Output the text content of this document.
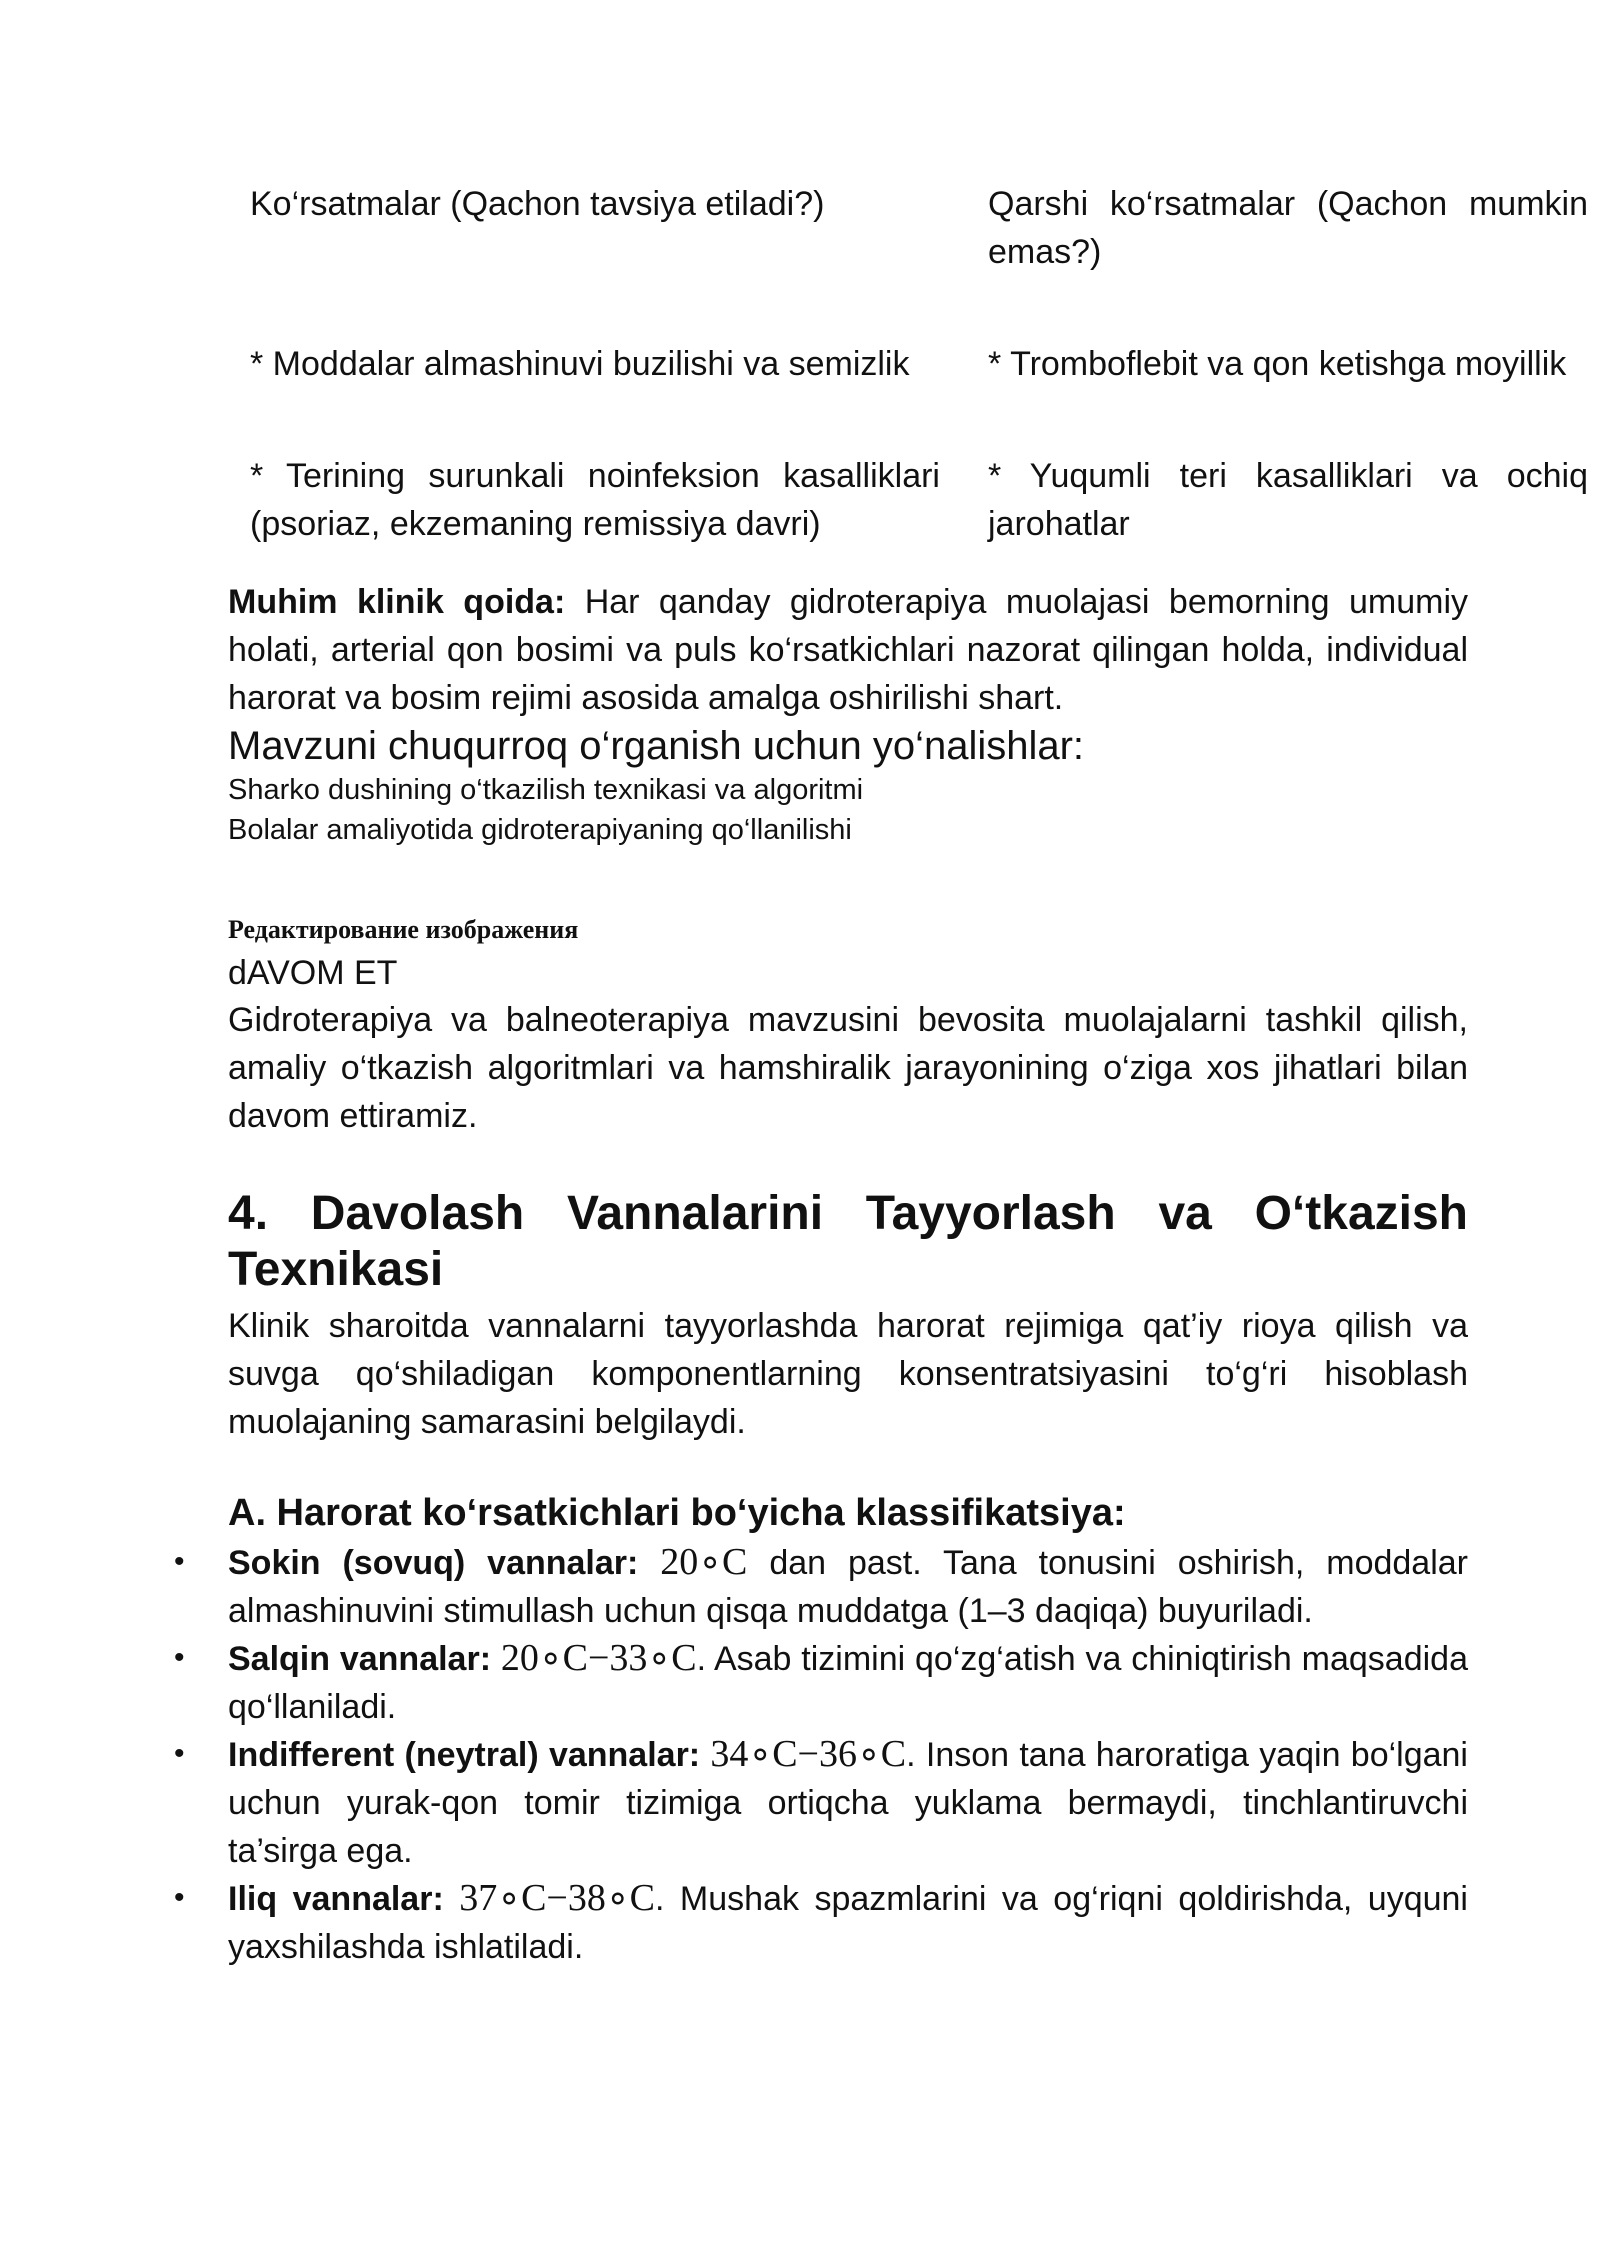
Ko‘rsatmalar (Qachon tavsiya etiladi?)	Qarshi ko‘rsatmalar (Qachon mumkin emas?)
* Moddalar almashinuvi buzilishi va semizlik	* Tromboflebit va qon ketishga moyillik
* Terining surunkali noinfeksion kasalliklari (psoriaz, ekzemaning remissiya davri)
* Yuqumli teri kasalliklari va ochiq jarohatlar
Muhim klinik qoida: Har qanday gidroterapiya muolajasi bemorning umumiy holati, arterial qon bosimi va puls ko‘rsatkichlari nazorat qilingan holda, individual harorat va bosim rejimi asosida amalga oshirilishi shart.
Mavzuni chuqurroq o‘rganish uchun yo‘nalishlar:
Sharko dushining o‘tkazilish texnikasi va algoritmi
Bolalar amaliyotida gidroterapiyaning qo‘llanilishi
Редактирование изображения
dAVOM ET
Gidroterapiya va balneoterapiya mavzusini bevosita muolajalarni tashkil qilish, amaliy o‘tkazish algoritmlari va hamshiralik jarayonining o‘ziga xos jihatlari bilan davom ettiramiz.
4. Davolash Vannalarini Tayyorlash va O‘tkazish Texnikasi
Klinik sharoitda vannalarni tayyorlashda harorat rejimiga qat’iy rioya qilish va suvga qo‘shiladigan komponentlarning konsentratsiyasini to‘g‘ri hisoblash muolajaning samarasini belgilaydi.
A. Harorat ko‘rsatkichlari bo‘yicha klassifikatsiya:
• Sokin (sovuq) vannalar: 20∘C dan past. Tana tonusini oshirish, moddalar almashinuvini stimullash uchun qisqa muddatga (1–3 daqiqa) buyuriladi.
• Salqin vannalar: 20∘C−33∘C. Asab tizimini qo‘zg‘atish va chiniqtirish maqsadida qo‘llaniladi.
• Indifferent (neytral) vannalar: 34∘C−36∘C. Inson tana haroratiga yaqin bo‘lgani uchun yurak-qon tomir tizimiga ortiqcha yuklama bermaydi, tinchlantiruvchi ta’sirga ega.
• Iliq vannalar: 37∘C−38∘C. Mushak spazmlarini va og‘riqni qoldirishda, uyquni yaxshilashda ishlatiladi.
